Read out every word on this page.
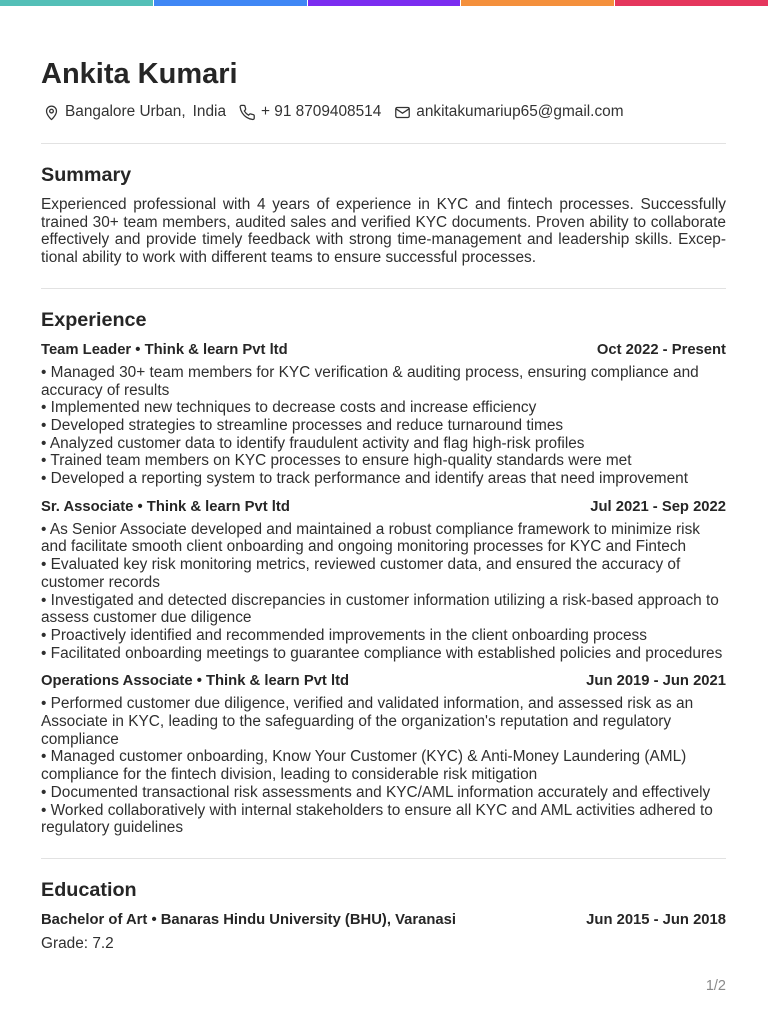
Ankita Kumari
Bangalore Urban, India + 91 8709408514 ankitakumariup65@gmail.com
Summary

Experienced professional with 4 years of experience in KYC and fintech processes. Successfully trained 30+ team members, audited sales and verified KYC documents. Proven ability to collaborate effectively and provide timely feedback with strong time-management and leadership skills. Exceptional ability to work with different teams to ensure successful processes.

Experience
Team Leader • Think & learn Pvt ltd	Oct 2022 - Present
• Managed 30+ team members for KYC verification & auditing process, ensuring compliance and accuracy of results
• Implemented new techniques to decrease costs and increase efficiency
• Developed strategies to streamline processes and reduce turnaround times
• Analyzed customer data to identify fraudulent activity and flag high-risk profiles
• Trained team members on KYC processes to ensure high-quality standards were met
• Developed a reporting system to track performance and identify areas that need improvement
Sr. Associate • Think & learn Pvt ltd	Jul 2021 - Sep 2022
• As Senior Associate developed and maintained a robust compliance framework to minimize risk and facilitate smooth client onboarding and ongoing monitoring processes for KYC and Fintech
• Evaluated key risk monitoring metrics, reviewed customer data, and ensured the accuracy of customer records
• Investigated and detected discrepancies in customer information utilizing a risk-based approach to assess customer due diligence
• Proactively identified and recommended improvements in the client onboarding process
• Facilitated onboarding meetings to guarantee compliance with established policies and procedures
Operations Associate • Think & learn Pvt ltd	Jun 2019 - Jun 2021
• Performed customer due diligence, verified and validated information, and assessed risk as an Associate in KYC, leading to the safeguarding of the organization's reputation and regulatory compliance
• Managed customer onboarding, Know Your Customer (KYC) & Anti-Money Laundering (AML) compliance for the fintech division, leading to considerable risk mitigation
• Documented transactional risk assessments and KYC/AML information accurately and effectively
• Worked collaboratively with internal stakeholders to ensure all KYC and AML activities adhered to regulatory guidelines
Education
Bachelor of Art • Banaras Hindu University (BHU), Varanasi	Jun 2015 - Jun 2018
Grade: 7.2
1/2
